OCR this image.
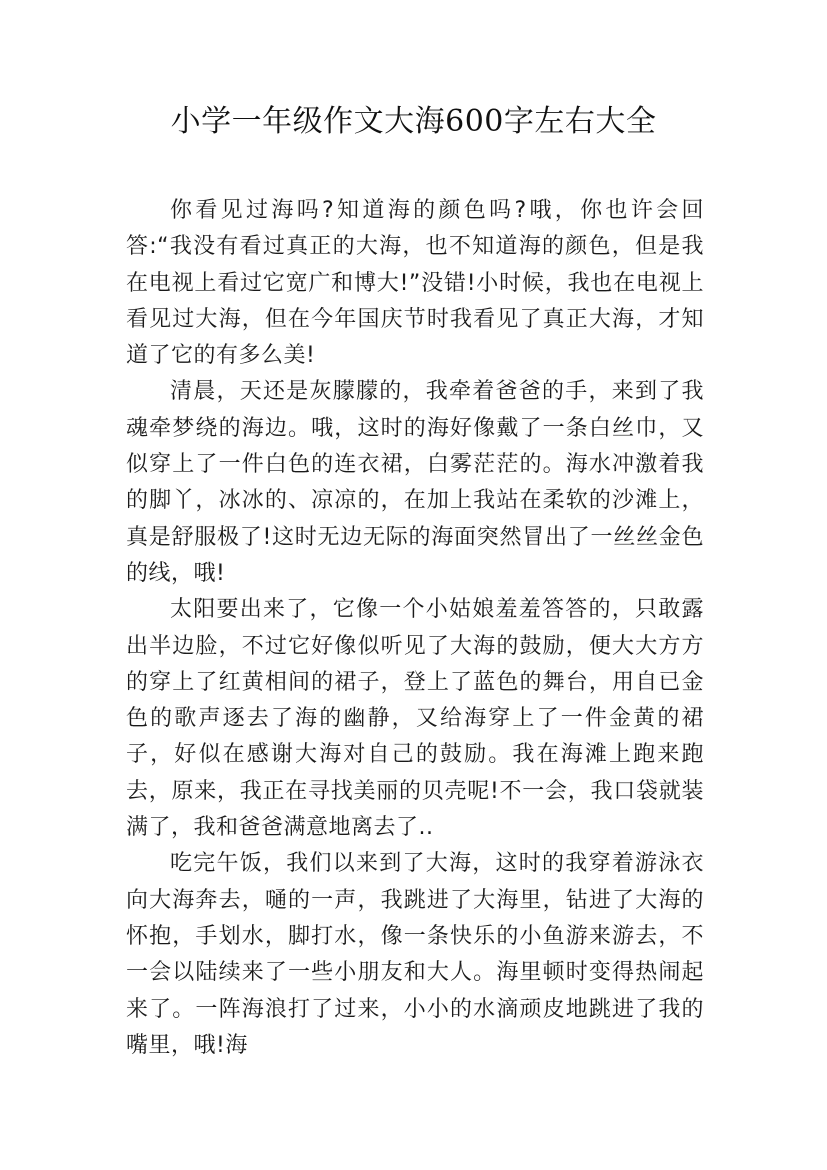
小学一年级作文大海600字左右大全

你看见过海吗?知道海的颜色吗?哦，你也许会回答:“我没有看过真正的大海，也不知道海的颜色，但是我在电视上看过它宽广和博大!”没错!小时候，我也在电视上看见过大海，但在今年国庆节时我看见了真正大海，才知道了它的有多么美!

清晨，天还是灰朦朦的，我牵着爸爸的手，来到了我魂牵梦绕的海边。哦，这时的海好像戴了一条白丝巾，又似穿上了一件白色的连衣裙，白雾茫茫的。海水冲激着我的脚丫，冰冰的、凉凉的，在加上我站在柔软的沙滩上，真是舒服极了!这时无边无际的海面突然冒出了一丝丝金色的线，哦!

太阳要出来了，它像一个小姑娘羞羞答答的，只敢露出半边脸，不过它好像似听见了大海的鼓励，便大大方方的穿上了红黄相间的裙子，登上了蓝色的舞台，用自已金色的歌声逐去了海的幽静，又给海穿上了一件金黄的裙子，好似在感谢大海对自己的鼓励。我在海滩上跑来跑去，原来，我正在寻找美丽的贝壳呢!不一会，我口袋就装满了，我和爸爸满意地离去了..

吃完午饭，我们以来到了大海，这时的我穿着游泳衣向大海奔去，嗵的一声，我跳进了大海里，钻进了大海的怀抱，手划水，脚打水，像一条快乐的小鱼游来游去，不一会以陆续来了一些小朋友和大人。海里顿时变得热闹起来了。一阵海浪打了过来，小小的水滴顽皮地跳进了我的嘴里，哦!海
